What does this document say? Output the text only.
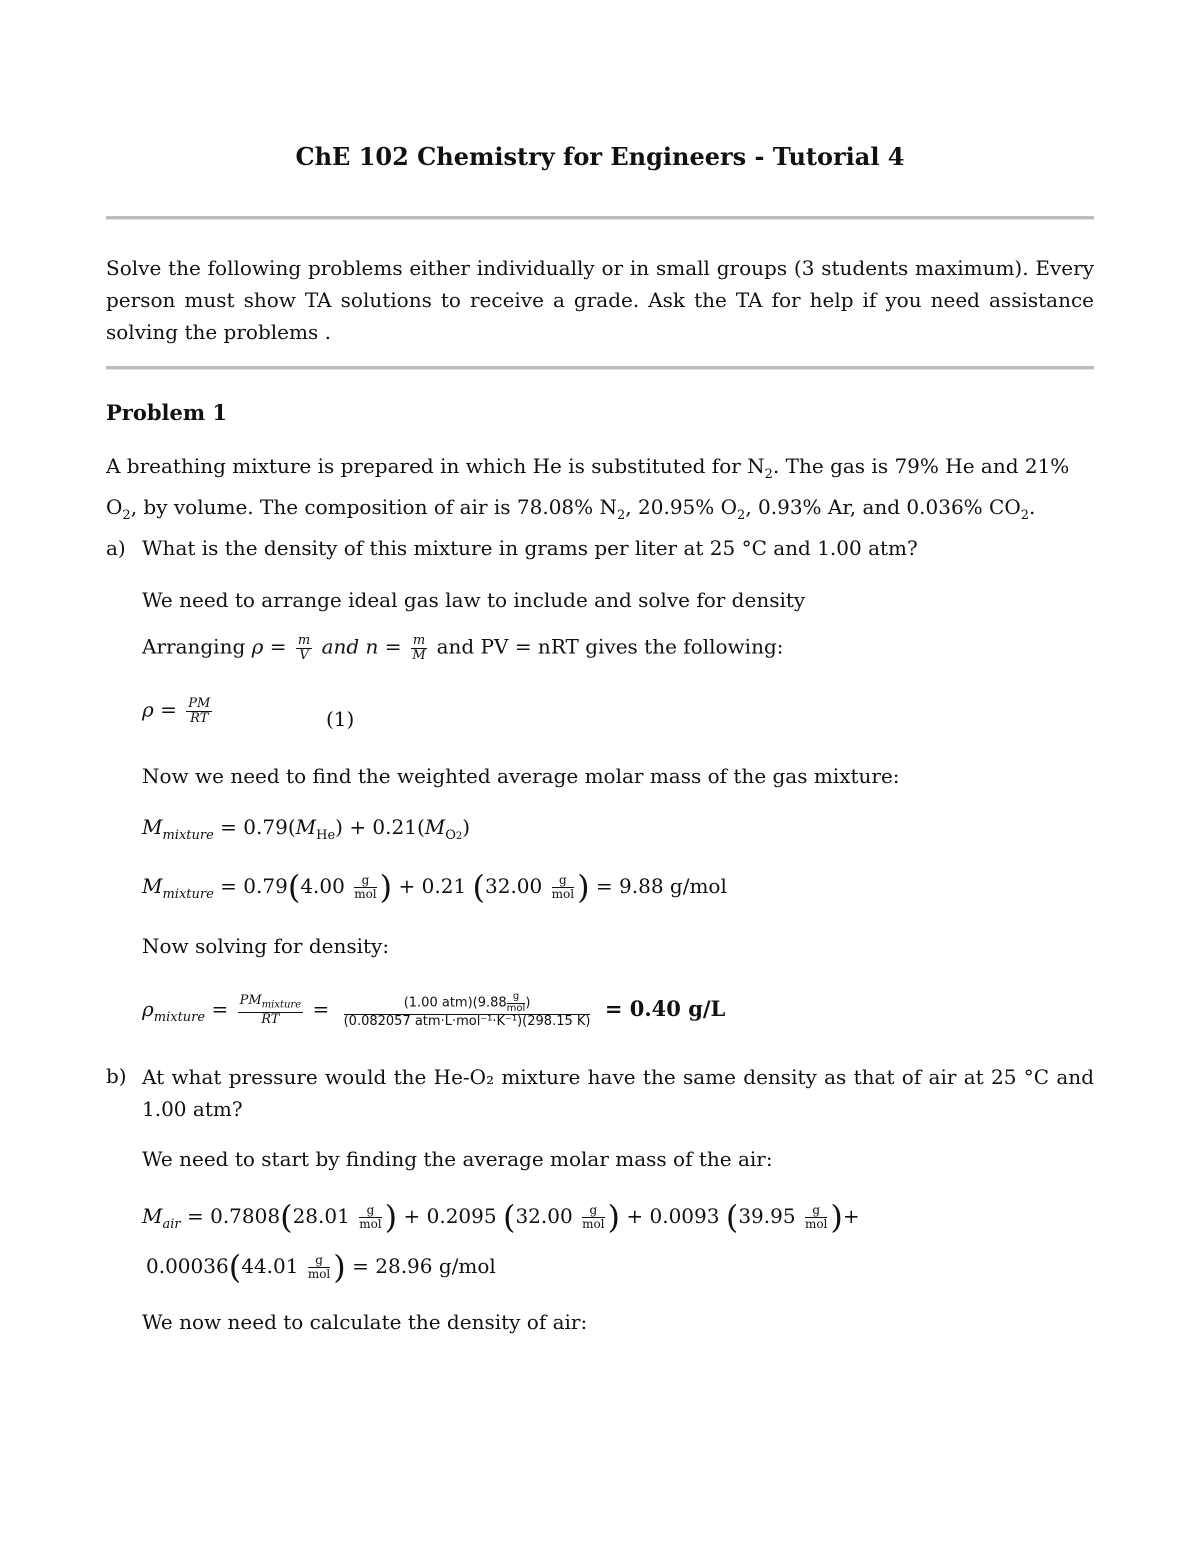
ChE 102 Chemistry for Engineers - Tutorial 4
Solve the following problems either individually or in small groups (3 students maximum). Every person must show TA solutions to receive a grade. Ask the TA for help if you need assistance solving the problems .
Problem 1
A breathing mixture is prepared in which He is substituted for $N_2$. The gas is 79% He and 21% $O_2$, by volume. The composition of air is 78.08% $N_2$, 20.95% $O_2$, 0.93% Ar, and 0.036% $CO_2$.
a) What is the density of this mixture in grams per liter at 25 °C and 1.00 atm?
We need to arrange ideal gas law to include and solve for density
Arranging $\rho = \frac{m}{V}$ and $n = \frac{m}{M}$ and PV = nRT gives the following:
$\rho = \frac{PM}{RT}$	(1)
Now we need to find the weighted average molar mass of the gas mixture:
$M_{mixture} = 0.79(M_{He}) + 0.21(M_{O2})$
$M_{mixture} = 0.79(4.00 \frac{g}{\text{mol}}$ ) + 0.21 ($32.00 \frac{g}{\text{mol}}$ ) = 9.88 g/mol
Now solving for density:
$\rho_{mixture} = \frac{PM_{mixture}}{RT} = \frac{(1.00 atm)(9.88 \frac{g}{\text{mol}} )}{\text{(0.082057 atm·L·mol⁻¹·K⁻¹)(298.15 K)}} = 0.40$ g/L
b) At what pressure would the He-O₂ mixture have the same density as that of air at 25 °C and 1.00 atm?
We need to start by finding the average molar mass of the air:
$M_{air} = 0.7808(28.01 \frac{g}{\text{mol}}$ ) + 0.2095 ($32.00 \frac{g}{\text{mol}}$ ) + 0.0093 ($39.95 \frac{g}{\text{mol}}$ )+
$0.00036(44.01 \frac{g}{\text{mol}}$ ) = 28.96 g/mol
We now need to calculate the density of air:
